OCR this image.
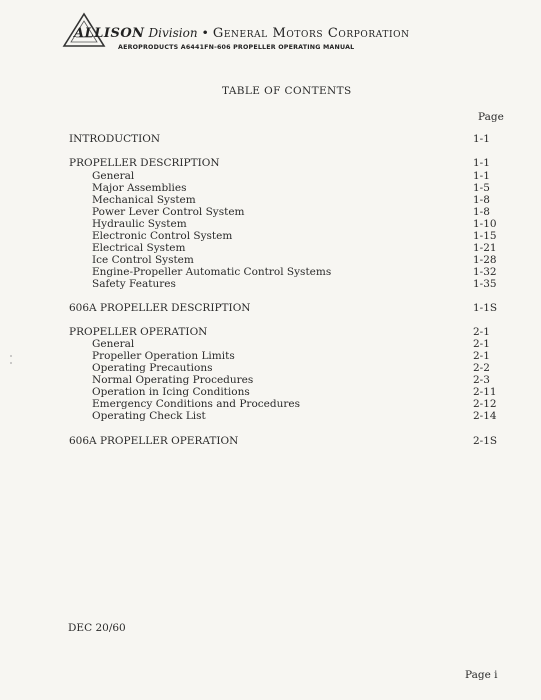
ALLISON Division • General Motors Corporation
AEROPRODUCTS A6441FN-606 PROPELLER OPERATING MANUAL
TABLE OF CONTENTS
Page
INTRODUCTION	1-1
PROPELLER DESCRIPTION	1-1
General	1-1
Major Assemblies	1-5
Mechanical System	1-8
Power Lever Control System	1-8
Hydraulic System	1-10
Electronic Control System	1-15
Electrical System	1-21
Ice Control System	1-28
Engine-Propeller Automatic Control Systems	1-32
Safety Features	1-35
606A PROPELLER DESCRIPTION	1-1S
PROPELLER OPERATION	2-1
General	2-1
Propeller Operation Limits	2-1
Operating Precautions	2-2
Normal Operating Procedures	2-3
Operation in Icing Conditions	2-11
Emergency Conditions and Procedures	2-12
Operating Check List	2-14
606A PROPELLER OPERATION	2-1S
DEC 20/60
Page i
